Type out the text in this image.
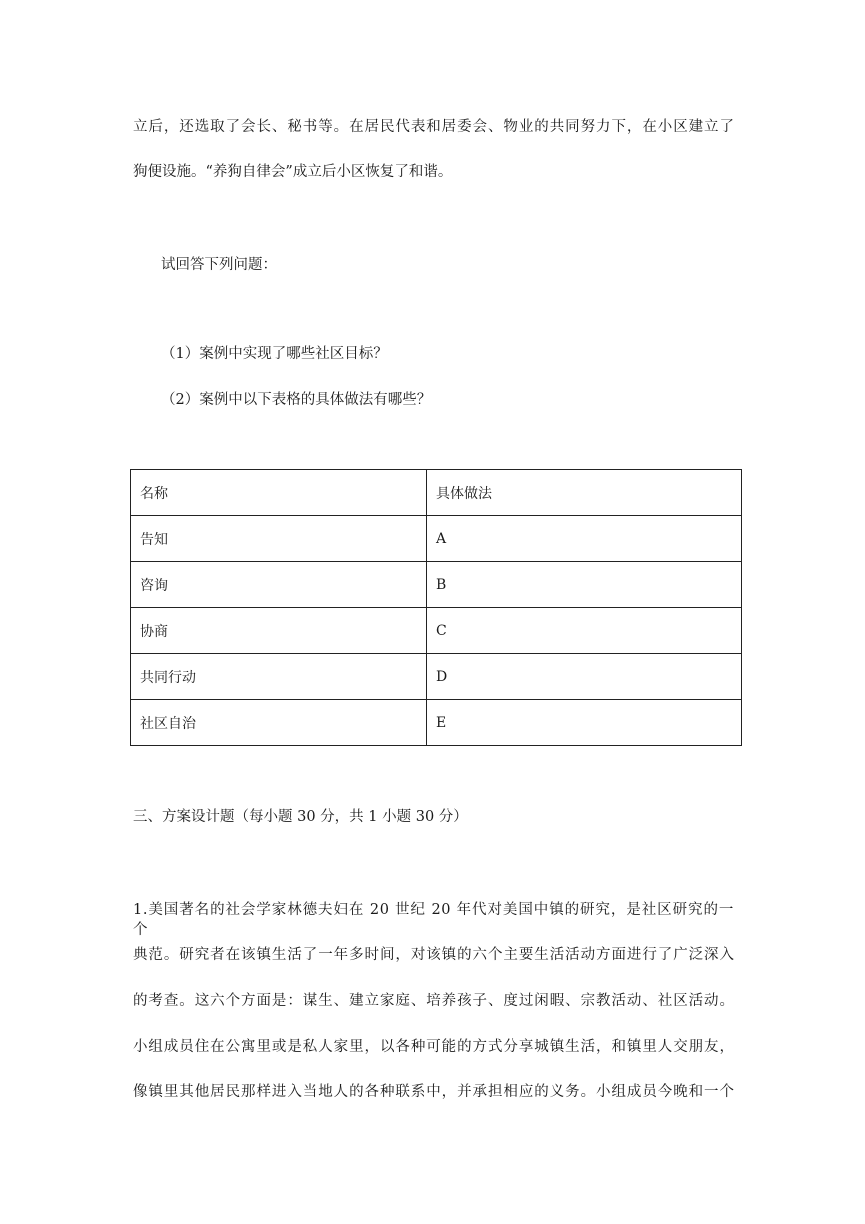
立后，还选取了会长、秘书等。在居民代表和居委会、物业的共同努力下，在小区建立了
狗便设施。“养狗自律会”成立后小区恢复了和谐。
试回答下列问题：
（1）案例中实现了哪些社区目标？
（2）案例中以下表格的具体做法有哪些？
名称	具体做法
告知	A
咨询	B
协商	C
共同行动	D
社区自治	E
三、方案设计题（每小题 30 分，共 1 小题 30 分）
1.美国著名的社会学家林德夫妇在 20 世纪 20 年代对美国中镇的研究，是社区研究的一个
典范。研究者在该镇生活了一年多时间，对该镇的六个主要生活活动方面进行了广泛深入
的考查。这六个方面是：谋生、建立家庭、培养孩子、度过闲暇、宗教活动、社区活动。
小组成员住在公寓里或是私人家里，以各种可能的方式分享城镇生活，和镇里人交朋友，
像镇里其他居民那样进入当地人的各种联系中，并承担相应的义务。小组成员今晚和一个
